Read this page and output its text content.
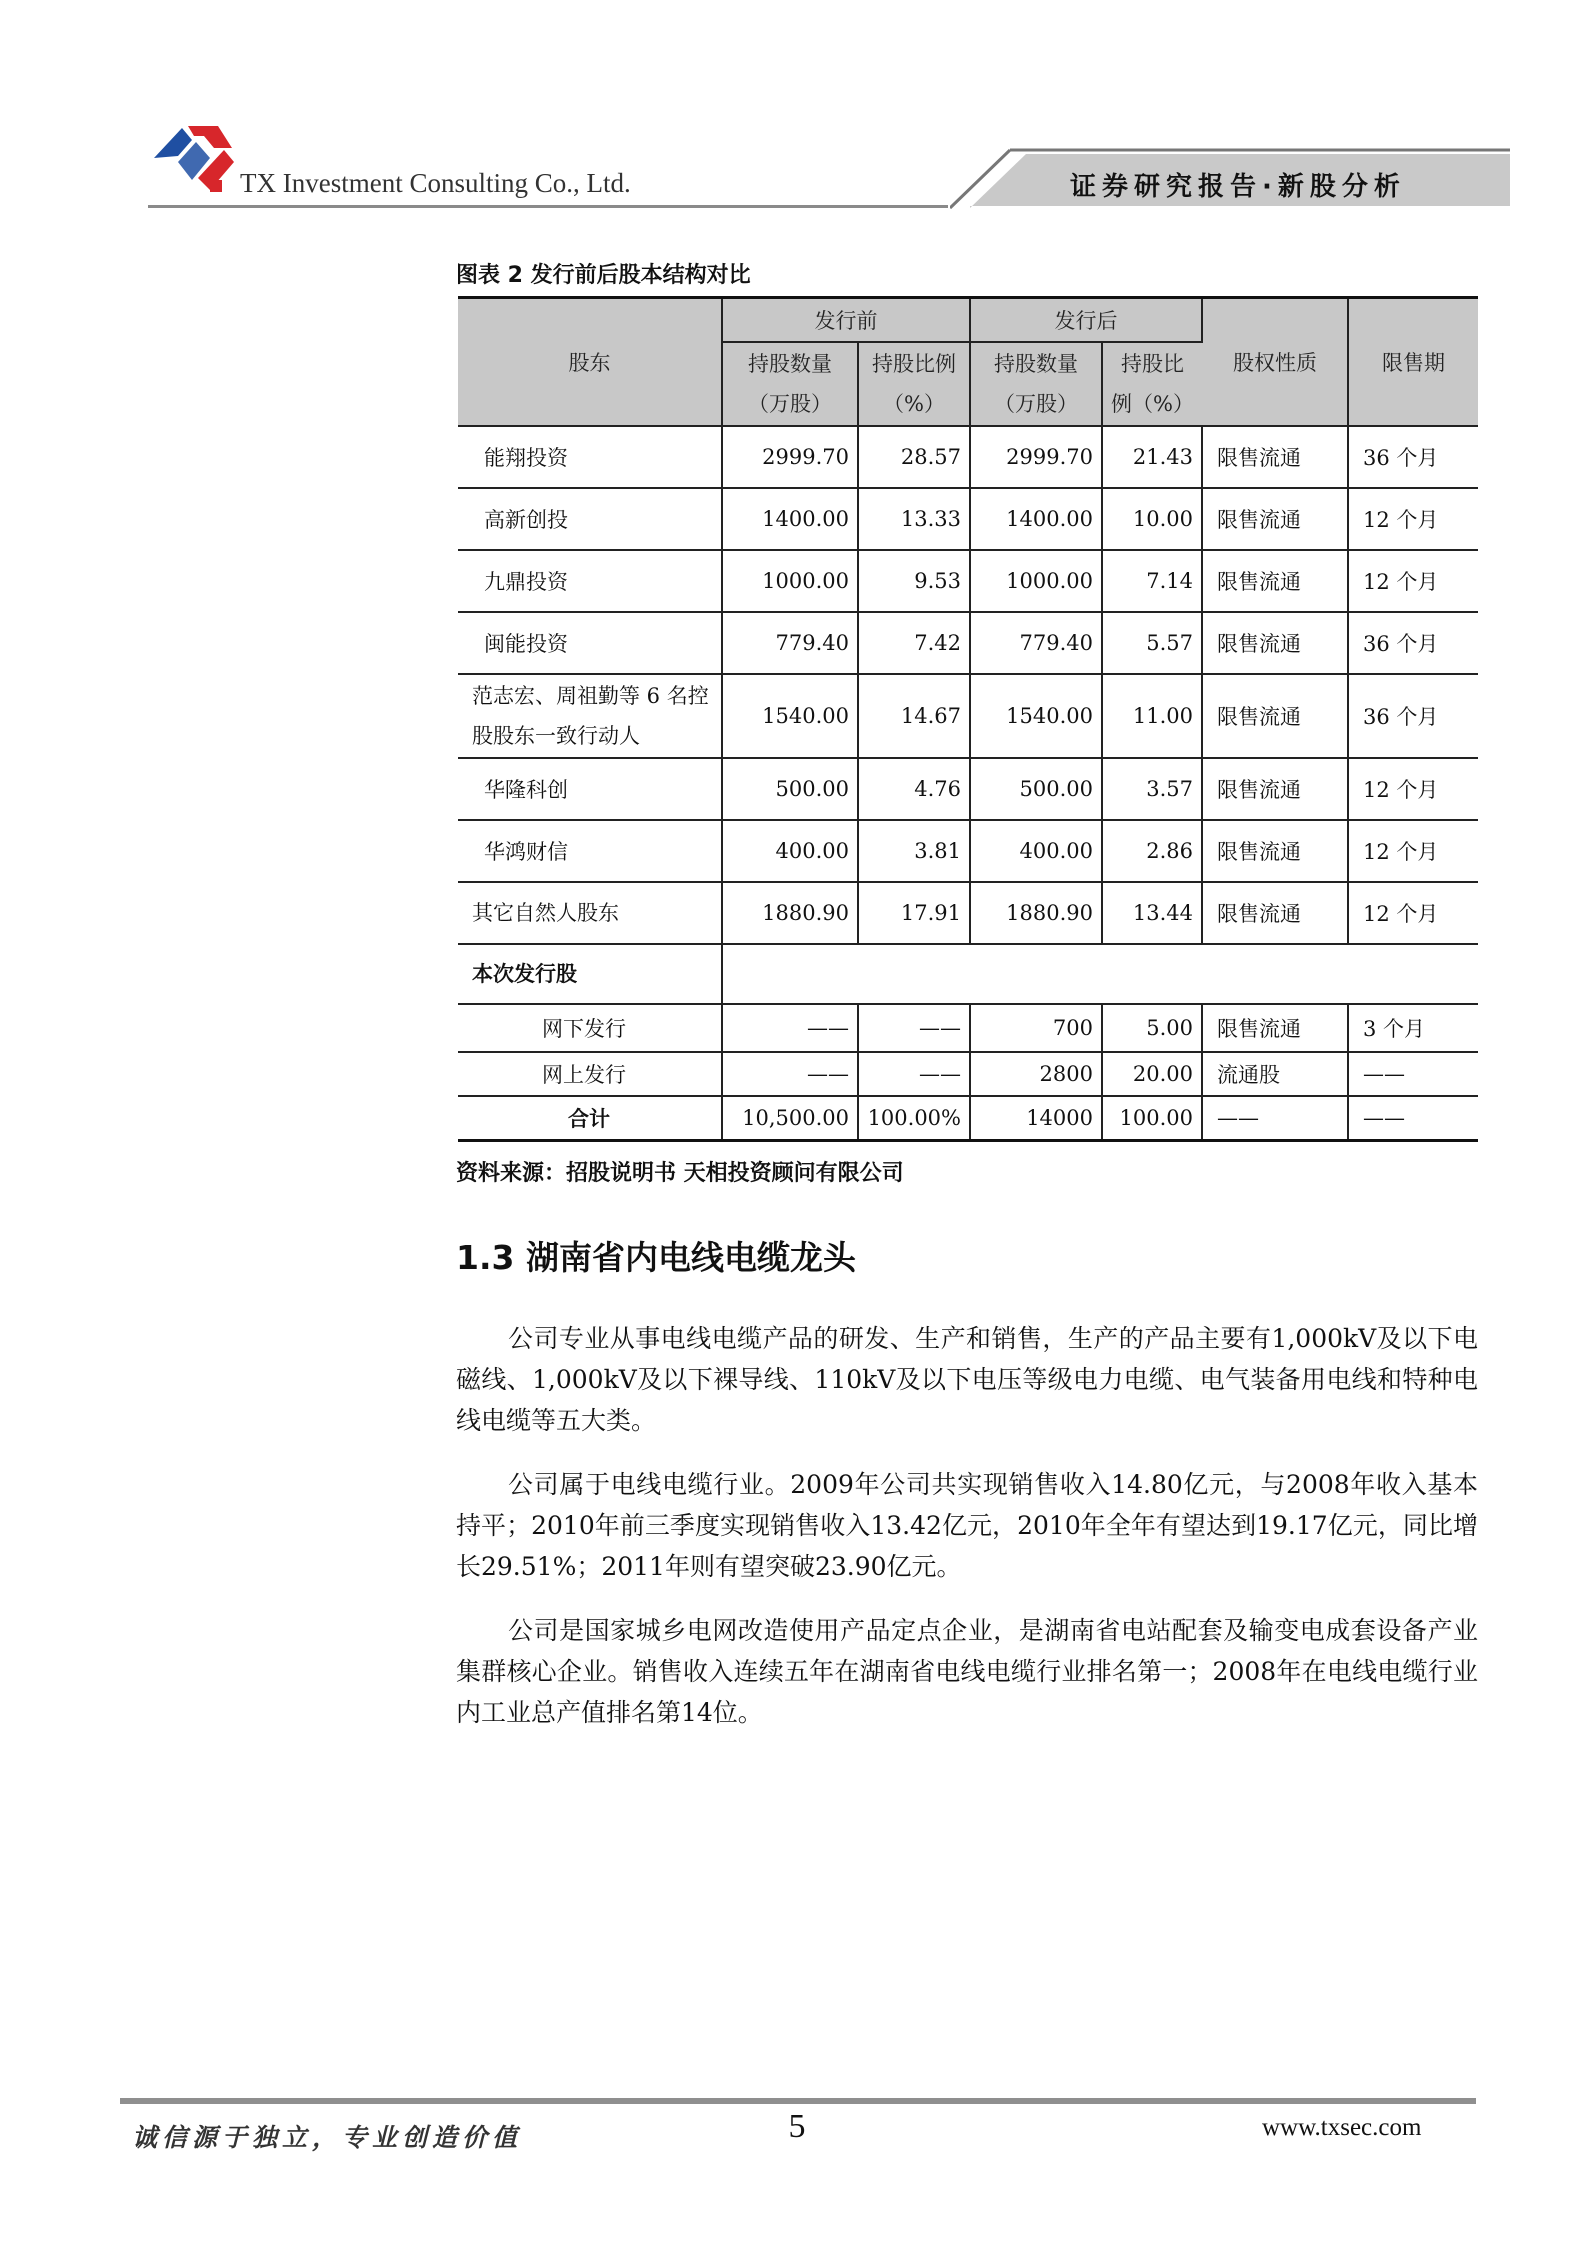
TX Investment Consulting Co., Ltd.	证券研究报告·新股分析
图表 2 发行前后股本结构对比
股东	发行前		发行后		股权性质	限售期
	持股数量（万股）	持股比例（%）	持股数量（万股）	持股比例（%）		
能翔投资	2999.70	28.57	2999.70	21.43	限售流通	36 个月
高新创投	1400.00	13.33	1400.00	10.00	限售流通	12 个月
九鼎投资	1000.00	9.53	1000.00	7.14	限售流通	12 个月
闽能投资	779.40	7.42	779.40	5.57	限售流通	36 个月
范志宏、周祖勤等 6 名控股股东一致行动人	1540.00	14.67	1540.00	11.00	限售流通	36 个月
华隆科创	500.00	4.76	500.00	3.57	限售流通	12 个月
华鸿财信	400.00	3.81	400.00	2.86	限售流通	12 个月
其它自然人股东	1880.90	17.91	1880.90	13.44	限售流通	12 个月
本次发行股						
网下发行	——	——	700	5.00	限售流通	3 个月
网上发行	——	——	2800	20.00	流通股	——
合计	10,500.00	100.00%	14000	100.00	——	——
资料来源：招股说明书 天相投资顾问有限公司
1.3 湖南省内电线电缆龙头

公司专业从事电线电缆产品的研发、生产和销售，生产的产品主要有1,000kV及以下电磁线、1,000kV及以下裸导线、110kV及以下电压等级电力电缆、电气装备用电线和特种电线电缆等五大类。

公司属于电线电缆行业。2009年公司共实现销售收入14.80亿元，与2008年收入基本持平；2010年前三季度实现销售收入13.42亿元，2010年全年有望达到19.17亿元，同比增长29.51%；2011年则有望突破23.90亿元。

公司是国家城乡电网改造使用产品定点企业，是湖南省电站配套及输变电成套设备产业集群核心企业。销售收入连续五年在湖南省电线电缆行业排名第一；2008年在电线电缆行业内工业总产值排名第14位。

诚信源于独立，专业创造价值	5	www.txsec.com
